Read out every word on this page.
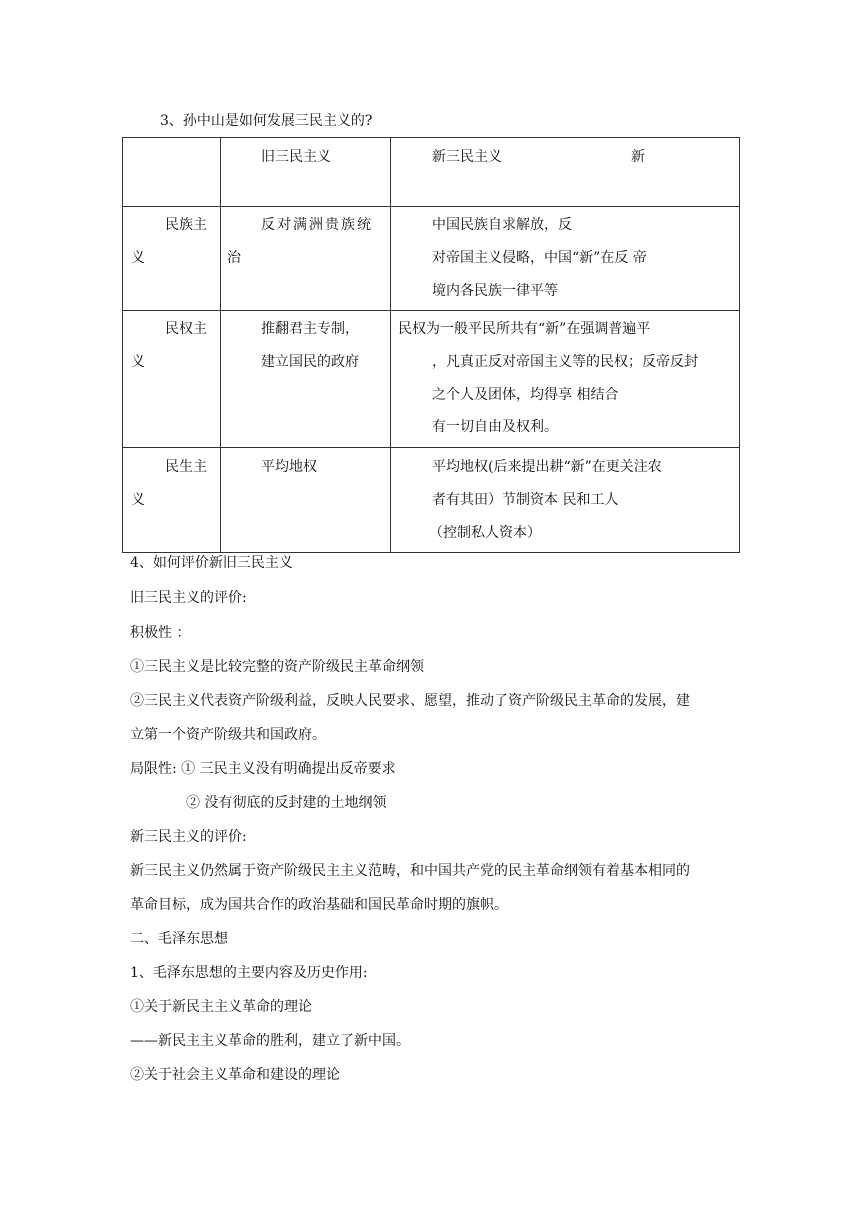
3、孙中山是如何发展三民主义的?

	旧三民主义	新三民主义 新

民族主
义	反对满洲贵族统
治	中国民族自求解放，反
对帝国主义侵略，中国“新”在反 帝
境内各民族一律平等

民权主
义	推翻君主专制，
建立国民的政府	民权为一般平民所共有“新”在强调普遍平
，凡真正反对帝国主义等的民权；反帝反封
之个人及团体，均得享 相结合
有一切自由及权利。

民生主
义	平均地权	平均地权(后来提出耕“新”在更关注农
者有其田）节制资本 民和工人
（控制私人资本）
4、如何评价新旧三民主义
旧三民主义的评价:
积极性 ：
①三民主义是比较完整的资产阶级民主革命纲领
②三民主义代表资产阶级利益，反映人民要求、愿望，推动了资产阶级民主革命的发展，建
立第一个资产阶级共和国政府。
局限性: ① 三民主义没有明确提出反帝要求
② 没有彻底的反封建的土地纲领
新三民主义的评价:
新三民主义仍然属于资产阶级民主主义范畴，和中国共产党的民主革命纲领有着基本相同的
革命目标，成为国共合作的政治基础和国民革命时期的旗帜。
二、毛泽东思想
1、毛泽东思想的主要内容及历史作用:
①关于新民主主义革命的理论
——新民主主义革命的胜利，建立了新中国。
②关于社会主义革命和建设的理论
